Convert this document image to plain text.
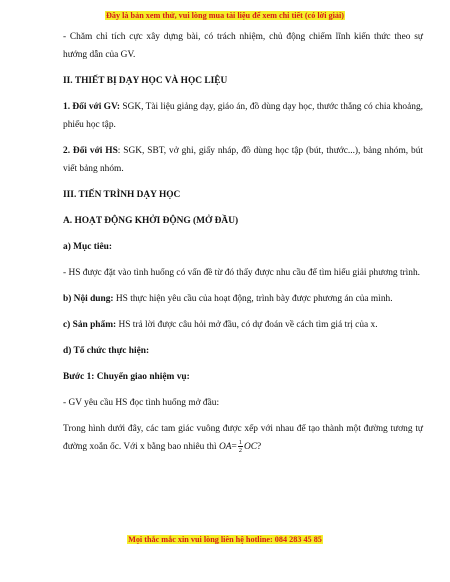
Đây là bản xem thử, vui lòng mua tài liệu để xem chi tiết (có lời giải)
- Chăm chỉ tích cực xây dựng bài, có trách nhiệm, chủ động chiếm lĩnh kiến thức theo sự hướng dẫn của GV.
II. THIẾT BỊ DẠY HỌC VÀ HỌC LIỆU
1. Đối với GV: SGK, Tài liệu giảng dạy, giáo án, đồ dùng dạy học, thước thẳng có chia khoảng, phiếu học tập.
2. Đối với HS: SGK, SBT, vở ghi, giấy nháp, đồ dùng học tập (bút, thước...), bảng nhóm, bút viết bảng nhóm.
III. TIẾN TRÌNH DẠY HỌC
A. HOẠT ĐỘNG KHỞI ĐỘNG (MỞ ĐẦU)
a) Mục tiêu:
- HS được đặt vào tình huống có vấn đề từ đó thấy được nhu cầu để tìm hiểu giải phương trình.
b) Nội dung: HS thực hiện yêu cầu của hoạt động, trình bày được phương án của mình.
c) Sản phẩm: HS trả lời được câu hỏi mở đầu, có dự đoán về cách tìm giá trị của x.
d) Tổ chức thực hiện:
Bước 1: Chuyển giao nhiệm vụ:
- GV yêu cầu HS đọc tình huống mở đầu:
Trong hình dưới đây, các tam giác vuông được xếp với nhau để tạo thành một đường tương tự đường xoắn ốc. Với x bằng bao nhiêu thì $OA= \frac{1}{2}$ OC?
Mọi thắc mắc xin vui lòng liên hệ hotline: 084 283 45 85
